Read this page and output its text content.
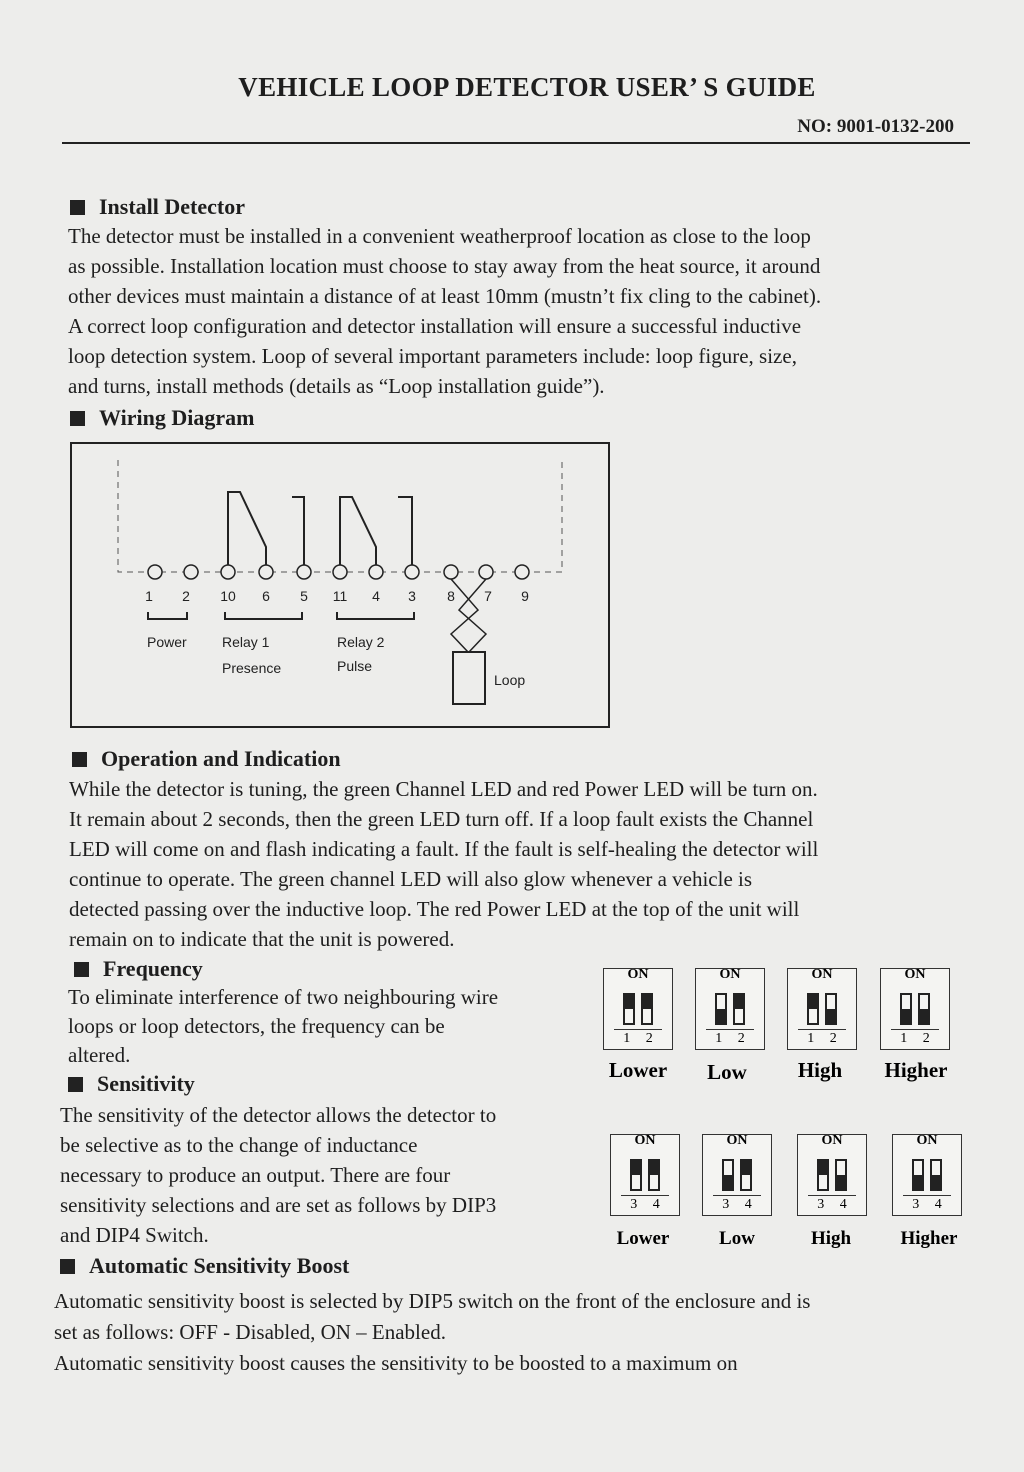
VEHICLE LOOP DETECTOR USER’ S GUIDE
NO: 9001-0132-200
Install Detector
The detector must be installed in a convenient weatherproof location as close to the loop
as possible. Installation location must choose to stay away from the heat source, it around
other devices must maintain a distance of at least 10mm (mustn’t fix cling to the cabinet).
A correct loop configuration and detector installation will ensure a successful inductive
loop detection system. Loop of several important parameters include: loop figure, size,
and turns, install methods (details as “Loop installation guide”).
Wiring Diagram
1 2 10 6 5 11 4 3 8 7 9
Power	Relay 1
Presence
Relay 2
Pulse
Loop
Operation and Indication
While the detector is tuning, the green Channel LED and red Power LED will be turn on.
It remain about 2 seconds, then the green LED turn off. If a loop fault exists the Channel
LED will come on and flash indicating a fault. If the fault is self-healing the detector will
continue to operate. The green channel LED will also glow whenever a vehicle is
detected passing over the inductive loop. The red Power LED at the top of the unit will
remain on to indicate that the unit is powered.
Frequency
To eliminate interference of two neighbouring wire
loops or loop detectors, the frequency can be
altered.
ON
1 2
ON
1 2
ON
1 2
ON
1 2
Lower	Low	High	Higher
Sensitivity
The sensitivity of the detector allows the detector to
be selective as to the change of inductance
necessary to produce an output. There are four
sensitivity selections and are set as follows by DIP3
and DIP4 Switch.
ON
3 4
ON
3 4
ON
3 4
ON
3 4
Lower	Low	High	Higher
Automatic Sensitivity Boost
Automatic sensitivity boost is selected by DIP5 switch on the front of the enclosure and is
set as follows: OFF - Disabled, ON – Enabled.
Automatic sensitivity boost causes the sensitivity to be boosted to a maximum on
